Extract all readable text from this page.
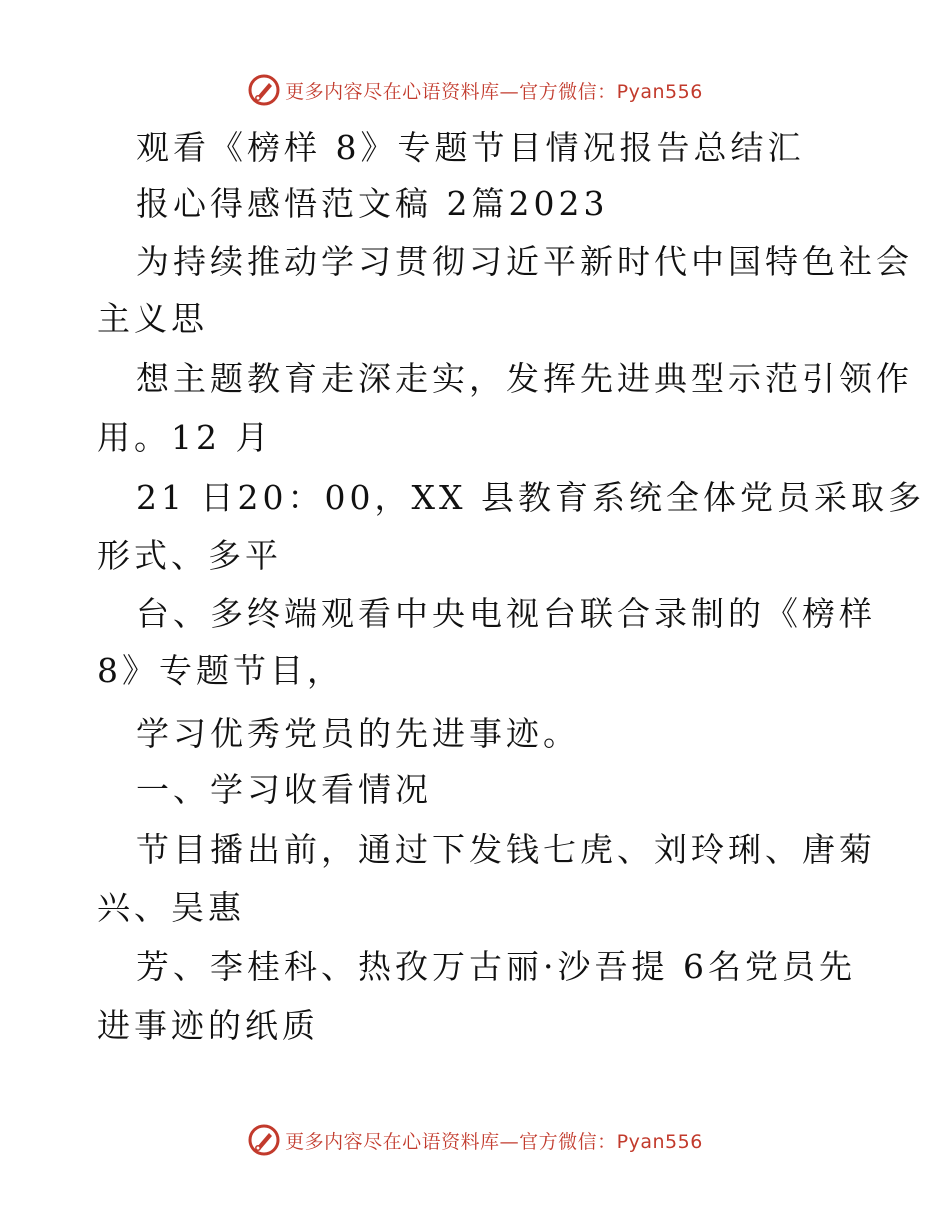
更多内容尽在心语资料库—官方微信：Pyan556
观看《榜样 8》专题节目情况报告总结汇
报心得感悟范文稿 2篇2023
为持续推动学习贯彻习近平新时代中国特色社会
主义思
想主题教育走深走实，发挥先进典型示范引领作
用。12 月
21 日20：00，XX 县教育系统全体党员采取多
形式、多平
台、多终端观看中央电视台联合录制的《榜样
8》专题节目，
学习优秀党员的先进事迹。
一、学习收看情况
节目播出前，通过下发钱七虎、刘玲琍、唐菊
兴、吴惠
芳、李桂科、热孜万古丽·沙吾提 6名党员先
进事迹的纸质
更多内容尽在心语资料库—官方微信：Pyan556
